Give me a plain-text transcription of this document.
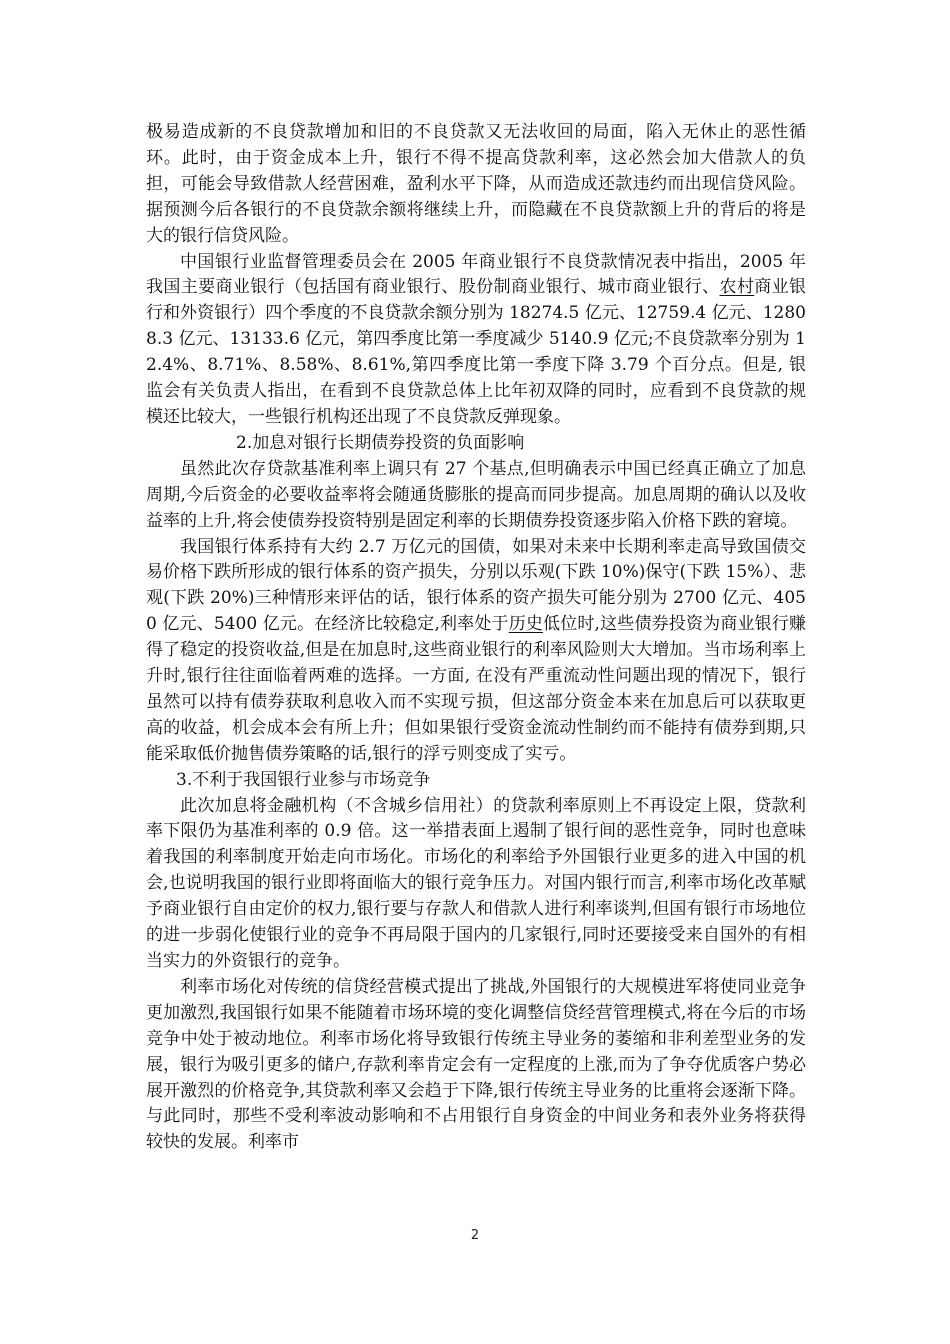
极易造成新的不良贷款增加和旧的不良贷款又无法收回的局面，陷入无休止的恶性循环。此时，由于资金成本上升，银行不得不提高贷款利率，这必然会加大借款人的负担，可能会导致借款人经营困难，盈利水平下降，从而造成还款违约而出现信贷风险。据预测今后各银行的不良贷款余额将继续上升，而隐藏在不良贷款额上升的背后的将是大的银行信贷风险。

中国银行业监督管理委员会在 2005 年商业银行不良贷款情况表中指出，2005 年我国主要商业银行（包括国有商业银行、股份制商业银行、城市商业银行、农村商业银行和外资银行）四个季度的不良贷款余额分别为 18274.5 亿元、12759.4 亿元、12808.3 亿元、13133.6 亿元，第四季度比第一季度减少 5140.9 亿元;不良贷款率分别为 12.4%、8.71%、8.58%、8.61%,第四季度比第一季度下降 3.79 个百分点。但是, 银监会有关负责人指出，在看到不良贷款总体上比年初双降的同时，应看到不良贷款的规模还比较大，一些银行机构还出现了不良贷款反弹现象。

2.加息对银行长期债券投资的负面影响

虽然此次存贷款基准利率上调只有 27 个基点,但明确表示中国已经真正确立了加息周期,今后资金的必要收益率将会随通货膨胀的提高而同步提高。加息周期的确认以及收益率的上升,将会使债券投资特别是固定利率的长期债券投资逐步陷入价格下跌的窘境。

我国银行体系持有大约 2.7 万亿元的国债，如果对未来中长期利率走高导致国债交易价格下跌所形成的银行体系的资产损失，分别以乐观(下跌 10%)保守(下跌 15%）、悲观(下跌 20%)三种情形来评估的话，银行体系的资产损失可能分别为 2700 亿元、4050 亿元、5400 亿元。在经济比较稳定,利率处于历史低位时,这些债券投资为商业银行赚得了稳定的投资收益,但是在加息时,这些商业银行的利率风险则大大增加。当市场利率上升时,银行往往面临着两难的选择。一方面, 在没有严重流动性问题出现的情况下，银行虽然可以持有债券获取利息收入而不实现亏损，但这部分资金本来在加息后可以获取更高的收益，机会成本会有所上升；但如果银行受资金流动性制约而不能持有债券到期,只能采取低价抛售债券策略的话,银行的浮亏则变成了实亏。

3.不利于我国银行业参与市场竞争

此次加息将金融机构（不含城乡信用社）的贷款利率原则上不再设定上限，贷款利率下限仍为基准利率的 0.9 倍。这一举措表面上遏制了银行间的恶性竞争，同时也意味着我国的利率制度开始走向市场化。市场化的利率给予外国银行业更多的进入中国的机会,也说明我国的银行业即将面临大的银行竞争压力。对国内银行而言,利率市场化改革赋予商业银行自由定价的权力,银行要与存款人和借款人进行利率谈判,但国有银行市场地位的进一步弱化使银行业的竞争不再局限于国内的几家银行,同时还要接受来自国外的有相当实力的外资银行的竞争。

利率市场化对传统的信贷经营模式提出了挑战,外国银行的大规模进军将使同业竞争更加激烈,我国银行如果不能随着市场环境的变化调整信贷经营管理模式,将在今后的市场竞争中处于被动地位。利率市场化将导致银行传统主导业务的萎缩和非利差型业务的发展，银行为吸引更多的储户,存款利率肯定会有一定程度的上涨,而为了争夺优质客户势必展开激烈的价格竞争,其贷款利率又会趋于下降,银行传统主导业务的比重将会逐渐下降。与此同时，那些不受利率波动影响和不占用银行自身资金的中间业务和表外业务将获得较快的发展。利率市

2
